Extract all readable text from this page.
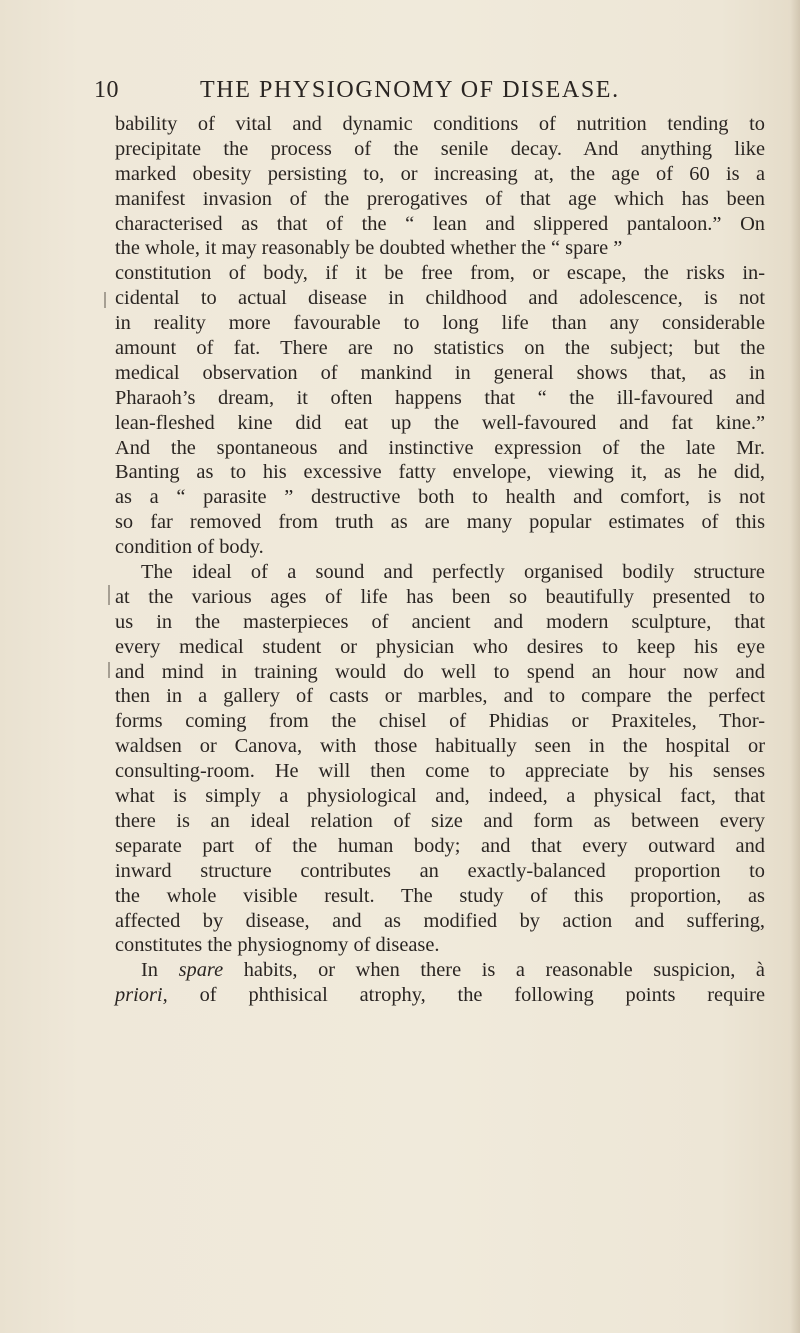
10	THE PHYSIOGNOMY OF DISEASE.
bability of vital and dynamic conditions of nutrition tending to
precipitate the process of the senile decay. And anything like
marked obesity persisting to, or increasing at, the age of 60 is a
manifest invasion of the prerogatives of that age which has been
characterised as that of the “ lean and slippered pantaloon.” On
the whole, it may reasonably be doubted whether the “ spare ”
constitution of body, if it be free from, or escape, the risks in-
cidental to actual disease in childhood and adolescence, is not
in reality more favourable to long life than any considerable
amount of fat. There are no statistics on the subject; but the
medical observation of mankind in general shows that, as in
Pharaoh’s dream, it often happens that “ the ill-favoured and
lean-fleshed kine did eat up the well-favoured and fat kine.”
And the spontaneous and instinctive expression of the late Mr.
Banting as to his excessive fatty envelope, viewing it, as he did,
as a “ parasite ” destructive both to health and comfort, is not
so far removed from truth as are many popular estimates of this
condition of body.
The ideal of a sound and perfectly organised bodily structure
at the various ages of life has been so beautifully presented to
us in the masterpieces of ancient and modern sculpture, that
every medical student or physician who desires to keep his eye
and mind in training would do well to spend an hour now and
then in a gallery of casts or marbles, and to compare the perfect
forms coming from the chisel of Phidias or Praxiteles, Thor-
waldsen or Canova, with those habitually seen in the hospital or
consulting-room. He will then come to appreciate by his senses
what is simply a physiological and, indeed, a physical fact, that
there is an ideal relation of size and form as between every
separate part of the human body; and that every outward and
inward structure contributes an exactly-balanced proportion to
the whole visible result. The study of this proportion, as
affected by disease, and as modified by action and suffering,
constitutes the physiognomy of disease.
In spare habits, or when there is a reasonable suspicion, à
priori, of phthisical atrophy, the following points require
